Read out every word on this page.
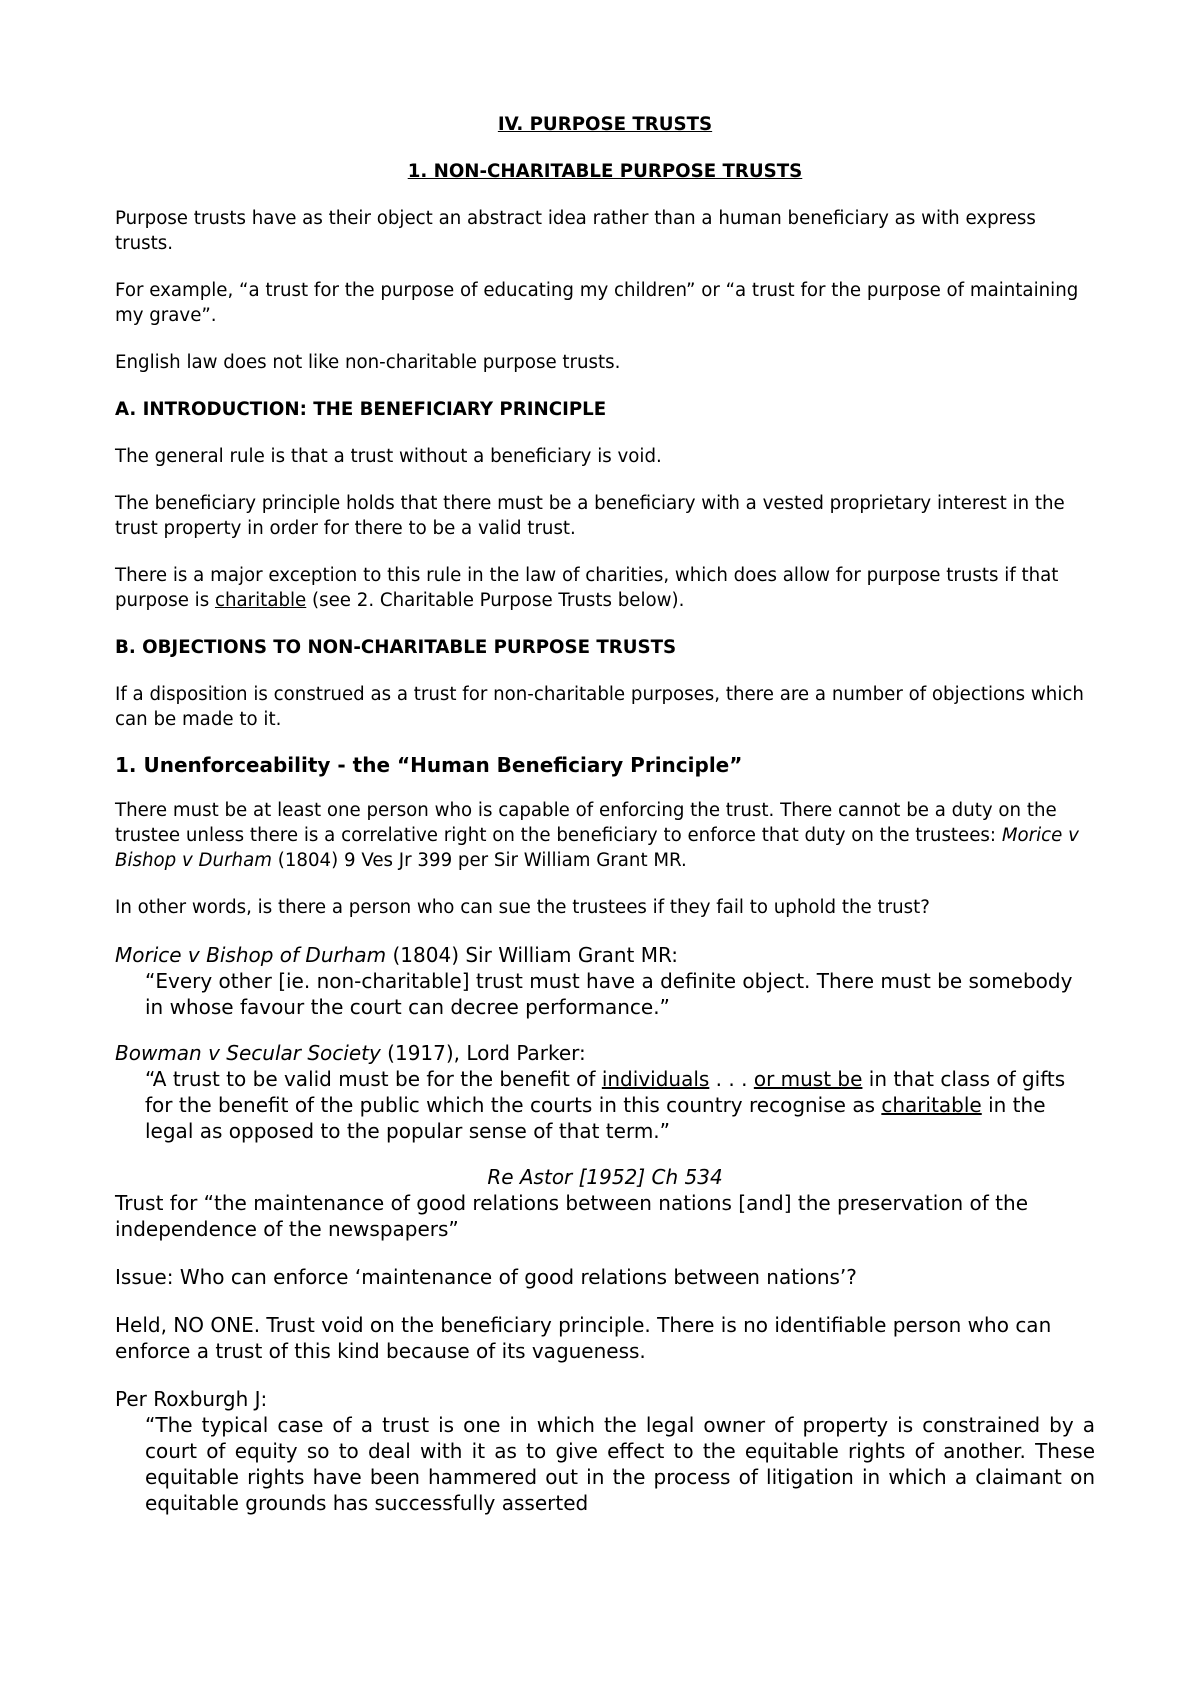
IV. PURPOSE TRUSTS

1. NON-CHARITABLE PURPOSE TRUSTS

Purpose trusts have as their object an abstract idea rather than a human beneficiary as with express trusts.

For example, “a trust for the purpose of educating my children” or “a trust for the purpose of maintaining my grave”.

English law does not like non-charitable purpose trusts.

A. INTRODUCTION: THE BENEFICIARY PRINCIPLE

The general rule is that a trust without a beneficiary is void.

The beneficiary principle holds that there must be a beneficiary with a vested proprietary interest in the trust property in order for there to be a valid trust.

There is a major exception to this rule in the law of charities, which does allow for purpose trusts if that purpose is charitable (see 2. Charitable Purpose Trusts below).

B. OBJECTIONS TO NON-CHARITABLE PURPOSE TRUSTS

If a disposition is construed as a trust for non-charitable purposes, there are a number of objections which can be made to it.

1. Unenforceability - the “Human Beneficiary Principle”

There must be at least one person who is capable of enforcing the trust. There cannot be a duty on the trustee unless there is a correlative right on the beneficiary to enforce that duty on the trustees: Morice v Bishop v Durham (1804) 9 Ves Jr 399 per Sir William Grant MR.

In other words, is there a person who can sue the trustees if they fail to uphold the trust?

Morice v Bishop of Durham (1804) Sir William Grant MR:

“Every other [ie. non-charitable] trust must have a definite object. There must be somebody in whose favour the court can decree performance.”

Bowman v Secular Society (1917), Lord Parker:

“A trust to be valid must be for the benefit of individuals . . . or must be in that class of gifts for the benefit of the public which the courts in this country recognise as charitable in the legal as opposed to the popular sense of that term.”

Re Astor [1952] Ch 534

Trust for “the maintenance of good relations between nations [and] the preservation of the independence of the newspapers”

Issue: Who can enforce ‘maintenance of good relations between nations’?

Held, NO ONE. Trust void on the beneficiary principle. There is no identifiable person who can enforce a trust of this kind because of its vagueness.

Per Roxburgh J:

“The typical case of a trust is one in which the legal owner of property is constrained by a court of equity so to deal with it as to give effect to the equitable rights of another. These equitable rights have been hammered out in the process of litigation in which a claimant on equitable grounds has successfully asserted
